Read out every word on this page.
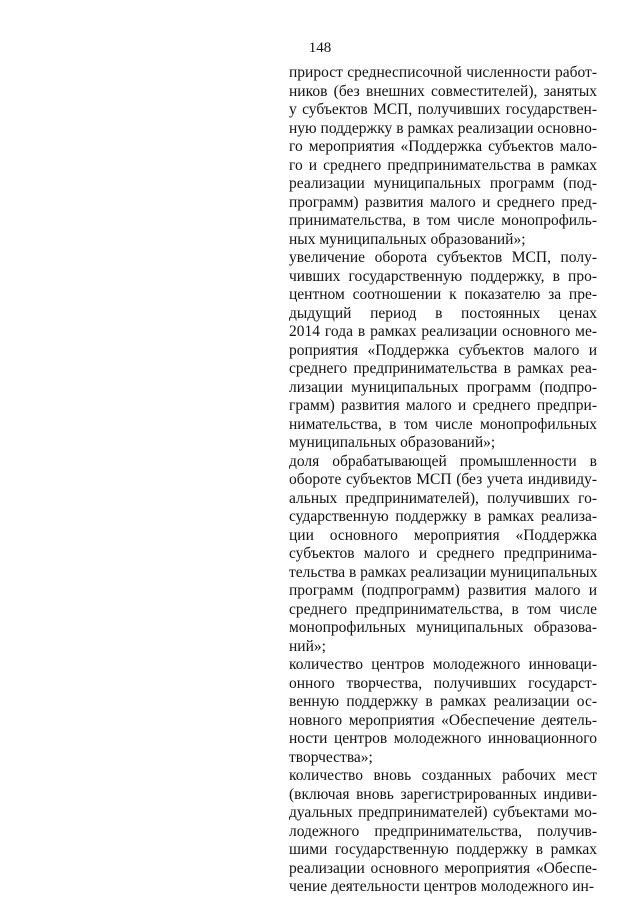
148
прирост среднесписочной численности работ-
ников (без внешних совместителей), занятых
у субъектов МСП, получивших государствен-
ную поддержку в рамках реализации основно-
го мероприятия «Поддержка субъектов мало-
го и среднего предпринимательства в рамках
реализации муниципальных программ (под-
программ) развития малого и среднего пред-
принимательства, в том числе монопрофиль-
ных муниципальных образований»;
увеличение оборота субъектов МСП, полу-
чивших государственную поддержку, в про-
центном соотношении к показателю за пре-
дыдущий период в постоянных ценах
2014 года в рамках реализации основного ме-
роприятия «Поддержка субъектов малого и
среднего предпринимательства в рамках реа-
лизации муниципальных программ (подпро-
грамм) развития малого и среднего предпри-
нимательства, в том числе монопрофильных
муниципальных образований»;
доля обрабатывающей промышленности в
обороте субъектов МСП (без учета индивиду-
альных предпринимателей), получивших го-
сударственную поддержку в рамках реализа-
ции основного мероприятия «Поддержка
субъектов малого и среднего предпринима-
тельства в рамках реализации муниципальных
программ (подпрограмм) развития малого и
среднего предпринимательства, в том числе
монопрофильных муниципальных образова-
ний»;
количество центров молодежного инноваци-
онного творчества, получивших государст-
венную поддержку в рамках реализации ос-
новного мероприятия «Обеспечение деятель-
ности центров молодежного инновационного
творчества»;
количество вновь созданных рабочих мест
(включая вновь зарегистрированных индиви-
дуальных предпринимателей) субъектами мо-
лодежного предпринимательства, получив-
шими государственную поддержку в рамках
реализации основного мероприятия «Обеспе-
чение деятельности центров молодежного ин-
